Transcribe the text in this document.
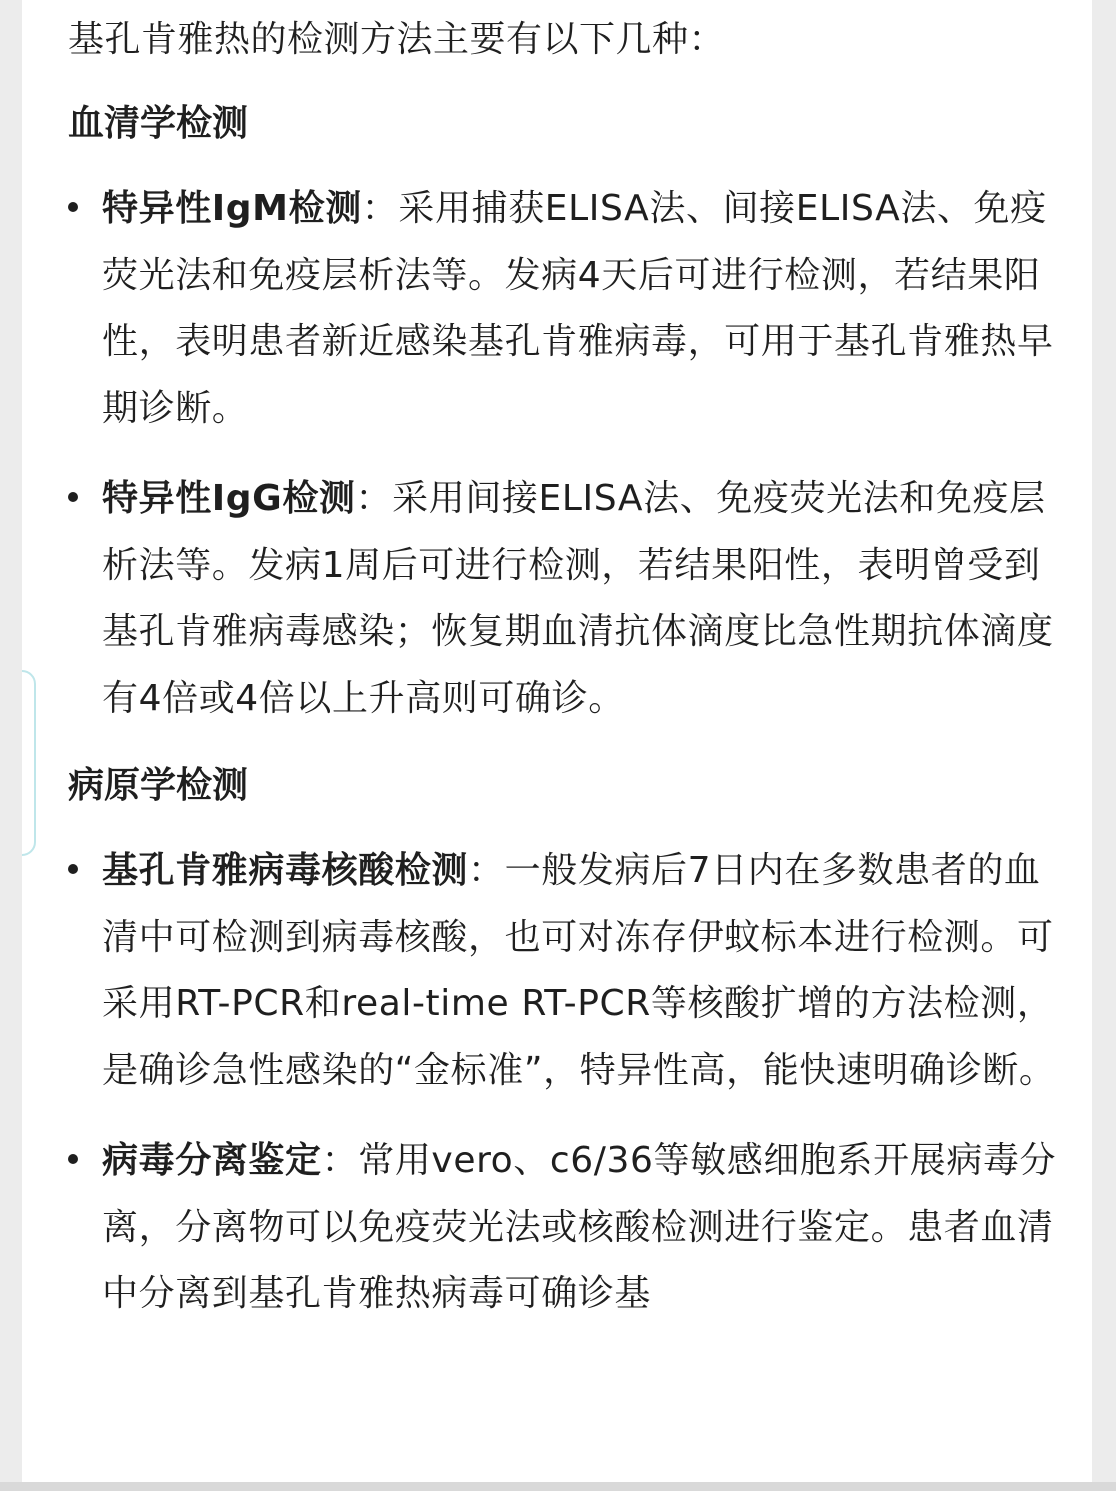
基孔肯雅热的检测方法主要有以下几种：

血清学检测
特异性IgM检测：采用捕获ELISA法、间接ELISA法、免疫荧光法和免疫层析法等。发病4天后可进行检测，若结果阳性，表明患者新近感染基孔肯雅病毒，可用于基孔肯雅热早期诊断。
特异性IgG检测：采用间接ELISA法、免疫荧光法和免疫层析法等。发病1周后可进行检测，若结果阳性，表明曾受到基孔肯雅病毒感染；恢复期血清抗体滴度比急性期抗体滴度有4倍或4倍以上升高则可确诊。
病原学检测
基孔肯雅病毒核酸检测：一般发病后7日内在多数患者的血清中可检测到病毒核酸，也可对冻存伊蚊标本进行检测。可采用RT-PCR和real-time RT-PCR等核酸扩增的方法检测，是确诊急性感染的“金标准”，特异性高，能快速明确诊断。
病毒分离鉴定：常用vero、c6/36等敏感细胞系开展病毒分离，分离物可以免疫荧光法或核酸检测进行鉴定。患者血清中分离到基孔肯雅热病毒可确诊基
